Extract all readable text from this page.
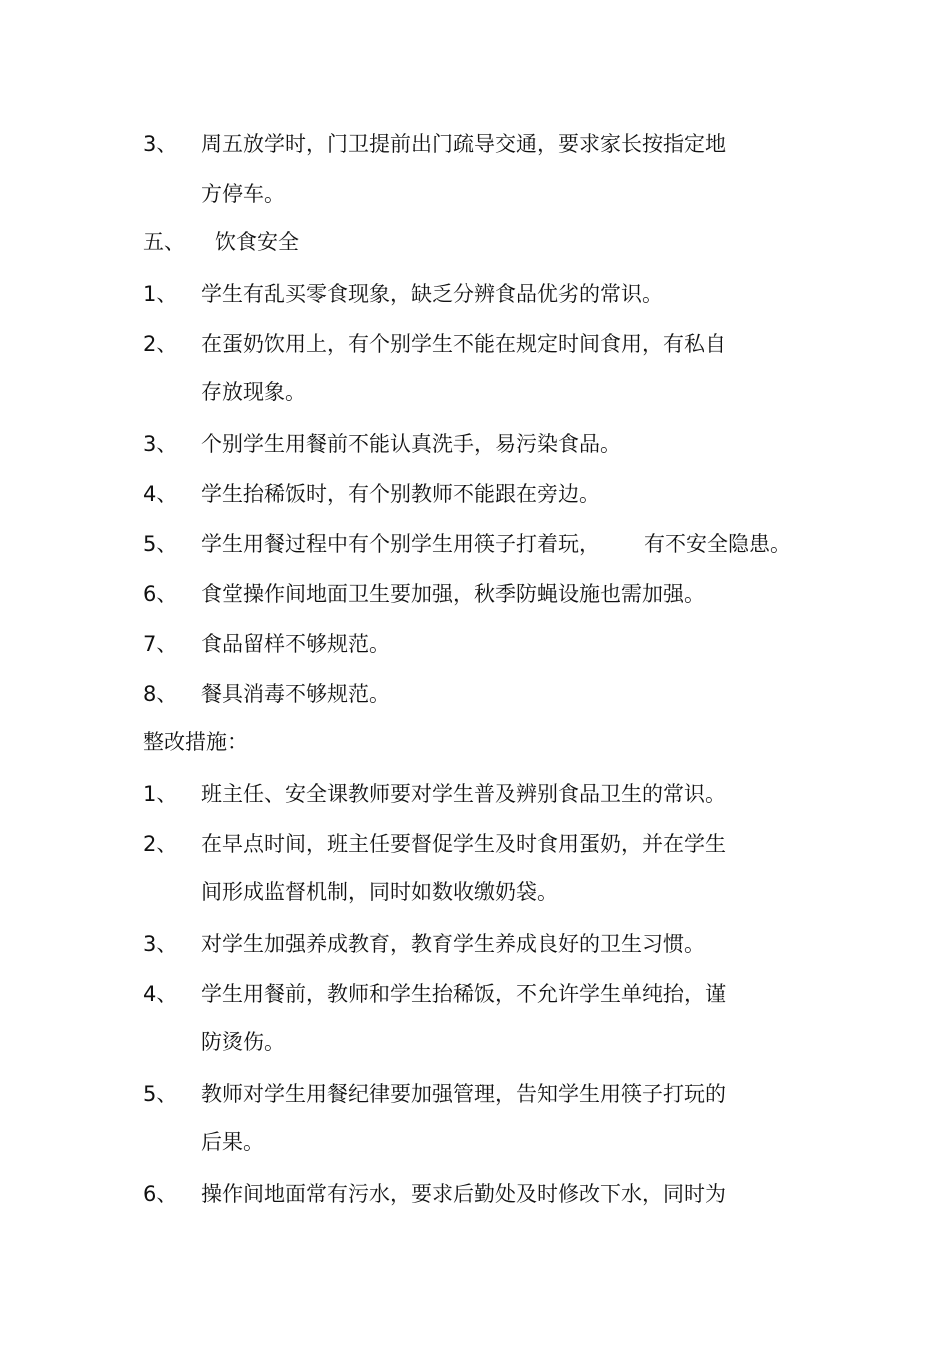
3、 周五放学时，门卫提前出门疏导交通，要求家长按指定地
方停车。
五、 饮食安全
1、 学生有乱买零食现象，缺乏分辨食品优劣的常识。
2、 在蛋奶饮用上，有个别学生不能在规定时间食用，有私自
存放现象。
3、 个别学生用餐前不能认真洗手，易污染食品。
4、 学生抬稀饭时，有个别教师不能跟在旁边。
5、 学生用餐过程中有个别学生用筷子打着玩， 有不安全隐患。
6、 食堂操作间地面卫生要加强，秋季防蝇设施也需加强。
7、 食品留样不够规范。
8、 餐具消毒不够规范。
整改措施：
1、 班主任、安全课教师要对学生普及辨别食品卫生的常识。
2、 在早点时间，班主任要督促学生及时食用蛋奶，并在学生
间形成监督机制，同时如数收缴奶袋。
3、 对学生加强养成教育，教育学生养成良好的卫生习惯。
4、 学生用餐前，教师和学生抬稀饭，不允许学生单纯抬，谨
防烫伤。
5、 教师对学生用餐纪律要加强管理，告知学生用筷子打玩的
后果。
6、 操作间地面常有污水，要求后勤处及时修改下水，同时为
